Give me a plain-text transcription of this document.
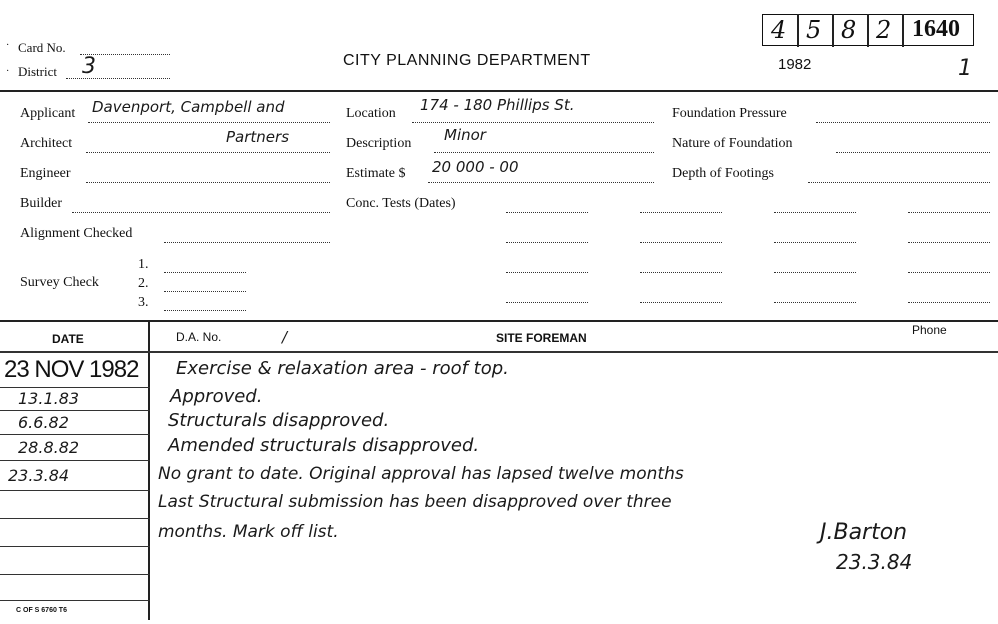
Card No.
District 3
·
·
CITY PLANNING DEPARTMENT	1982
4 5 8 2 1640
1
Applicant Davenport, Campbell and
Architect	Partners
Engineer
Builder
Alignment Checked
Survey Check
1.
2.
3.
Location 174 - 180 Phillips St.
Description Minor
Estimate $ 20 000 - 00
Conc. Tests (Dates)
Foundation Pressure
Nature of Foundation
Depth of Footings
DATE	D.A. No.	/	SITE FOREMAN
Phone
23 NOV 1982 Exercise & relaxation area - roof top.
13.1.83	Approved.
6.6.82	Structurals disapproved.
28.8.82	Amended structurals disapproved.
23.3.84	No grant to date. Original approval has lapsed twelve months
Last Structural submission has been disapproved over three
months. Mark off list.	J.Barton
23.3.84
C OF S 6760 T6
